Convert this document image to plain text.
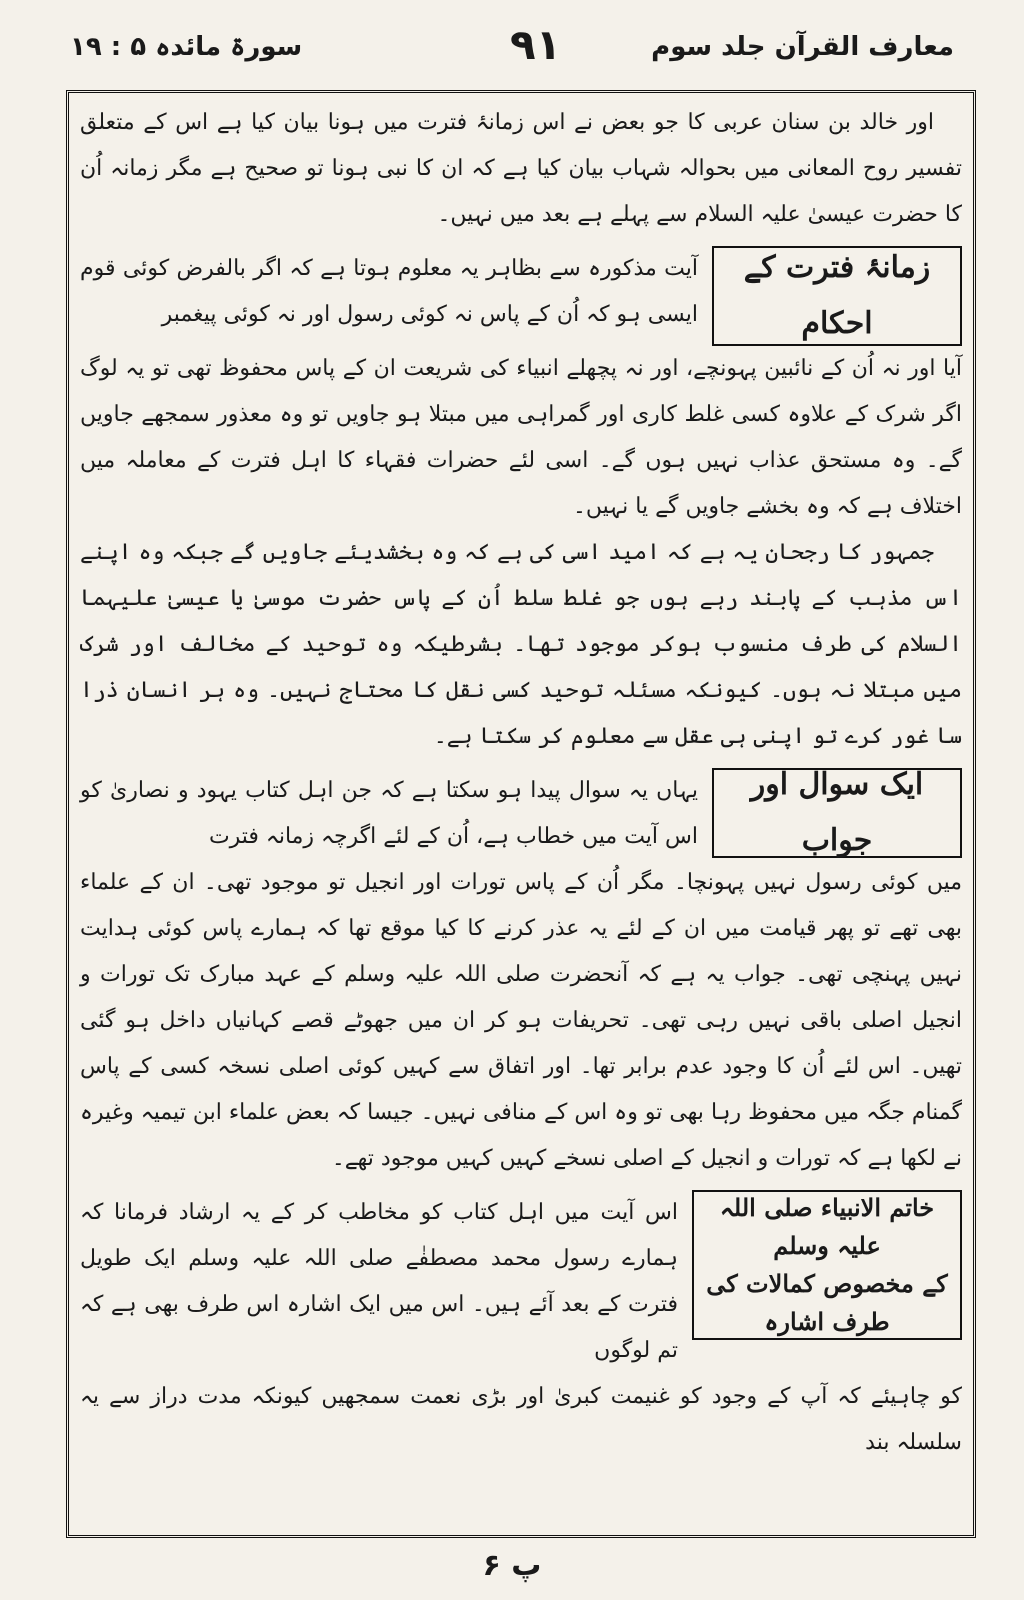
معارف القرآن جلد سوم
۹۱
سورۃ مائدہ ۵ : ۱۹

اور خالد بن سنان عربی کا جو بعض نے اس زمانۂ فترت میں ہونا بیان کیا ہے اس کے متعلق تفسیر روح المعانی میں بحوالہ شہاب بیان کیا ہے کہ ان کا نبی ہونا تو صحیح ہے مگر زمانہ اُن کا حضرت عیسیٰ علیہ السلام سے پہلے ہے بعد میں نہیں۔

زمانۂ فترت کے احکام

آیت مذکورہ سے بظاہر یہ معلوم ہوتا ہے کہ اگر بالفرض کوئی قوم ایسی ہو کہ اُن کے پاس نہ کوئی رسول اور نہ کوئی پیغمبر

آیا اور نہ اُن کے نائبین پہونچے، اور نہ پچھلے انبیاء کی شریعت ان کے پاس محفوظ تھی تو یہ لوگ اگر شرک کے علاوہ کسی غلط کاری اور گمراہی میں مبتلا ہو جاویں تو وہ معذور سمجھے جاویں گے۔ وہ مستحق عذاب نہیں ہوں گے۔ اسی لئے حضرات فقہاء کا اہل فترت کے معاملہ میں اختلاف ہے کہ وہ بخشے جاویں گے یا نہیں۔

جمہور کا رجحان یہ ہے کہ امید اسی کی ہے کہ وہ بخشدیئے جاویں گے جبکہ وہ اپنے اس مذہب کے پابند رہے ہوں جو غلط سلط اُن کے پاس حضرت موسیٰ یا عیسیٰ علیہما السلام کی طرف منسوب ہوکر موجود تھا۔ بشرطیکہ وہ توحید کے مخالف اور شرک میں مبتلا نہ ہوں۔ کیونکہ مسئلہ توحید کسی نقل کا محتاج نہیں۔ وہ ہر انسان ذرا سا غور کرے تو اپنی ہی عقل سے معلوم کر سکتا ہے۔

ایک سوال اور جواب

یہاں یہ سوال پیدا ہو سکتا ہے کہ جن اہل کتاب یہود و نصاریٰ کو اس آیت میں خطاب ہے، اُن کے لئے اگرچہ زمانہ فترت

میں کوئی رسول نہیں پہونچا۔ مگر اُن کے پاس تورات اور انجیل تو موجود تھی۔ ان کے علماء بھی تھے تو پھر قیامت میں ان کے لئے یہ عذر کرنے کا کیا موقع تھا کہ ہمارے پاس کوئی ہدایت نہیں پہنچی تھی۔ جواب یہ ہے کہ آنحضرت صلی اللہ علیہ وسلم کے عہد مبارک تک تورات و انجیل اصلی باقی نہیں رہی تھی۔ تحریفات ہو کر ان میں جھوٹے قصے کہانیاں داخل ہو گئی تھیں۔ اس لئے اُن کا وجود عدم برابر تھا۔ اور اتفاق سے کہیں کوئی اصلی نسخہ کسی کے پاس گمنام جگہ میں محفوظ رہا بھی تو وہ اس کے منافی نہیں۔ جیسا کہ بعض علماء ابن تیمیہ وغیرہ نے لکھا ہے کہ تورات و انجیل کے اصلی نسخے کہیں کہیں موجود تھے۔

خاتم الانبیاء صلی اللہ علیہ وسلم
کے مخصوص کمالات کی طرف اشارہ

اس آیت میں اہل کتاب کو مخاطب کر کے یہ ارشاد فرمانا کہ ہمارے رسول محمد مصطفٰے صلی اللہ علیہ وسلم ایک طویل فترت کے بعد آئے ہیں۔ اس میں ایک اشارہ اس طرف بھی ہے کہ تم لوگوں

کو چاہیئے کہ آپ کے وجود کو غنیمت کبریٰ اور بڑی نعمت سمجھیں کیونکہ مدت دراز سے یہ سلسلہ بند

پ ۶
